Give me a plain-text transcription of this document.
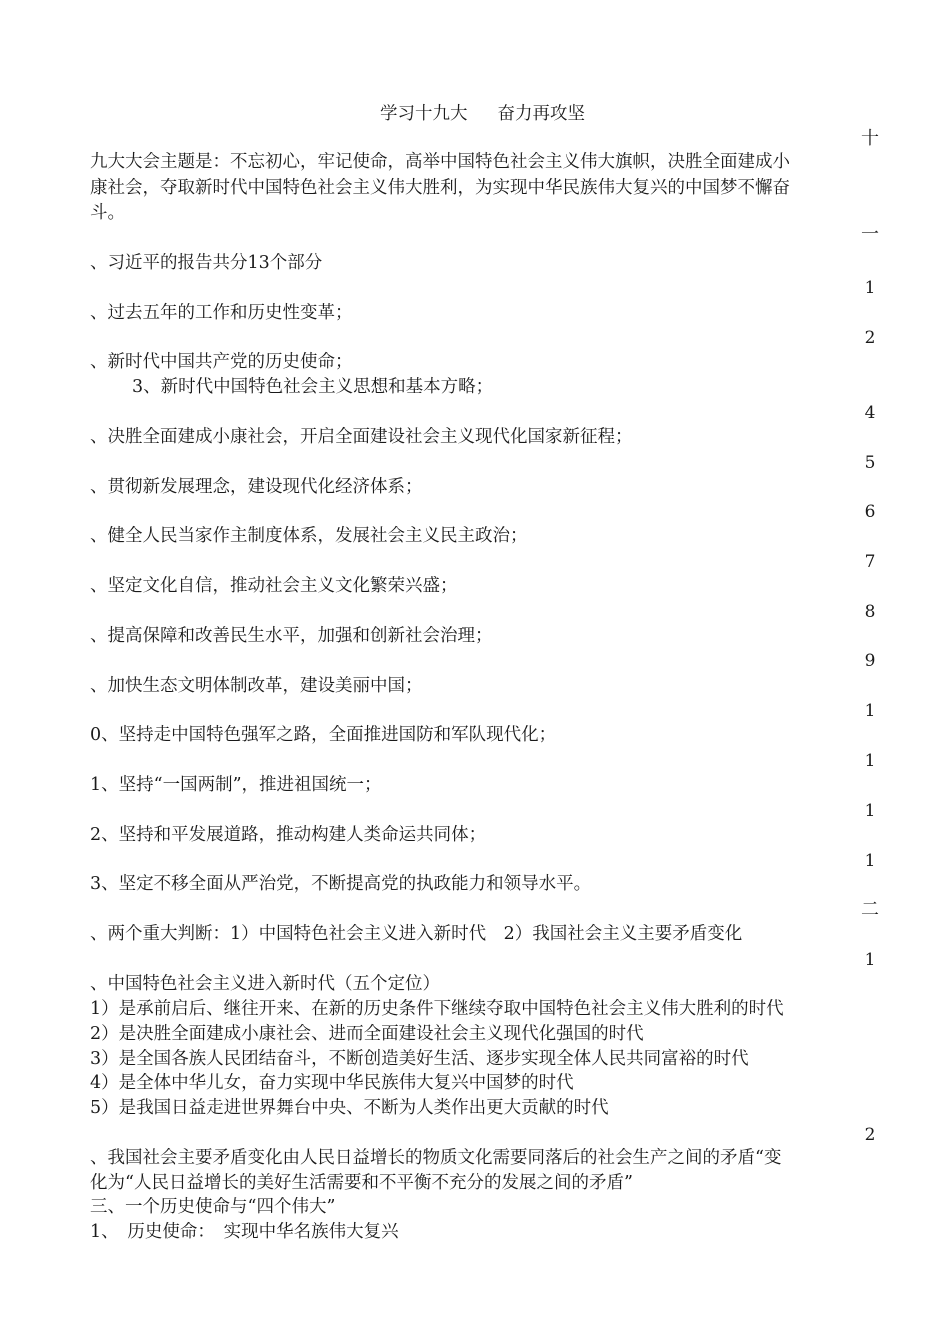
学习十九大 奋力再攻坚
十
一
1
2
4
5
6
7
8
9
1
1
1
1
二
1
2
九大大会主题是：不忘初心，牢记使命，高举中国特色社会主义伟大旗帜，决胜全面建成小
康社会，夺取新时代中国特色社会主义伟大胜利，为实现中华民族伟大复兴的中国梦不懈奋
斗。
、习近平的报告共分13个部分
、过去五年的工作和历史性变革；
、新时代中国共产党的历史使命；
3、新时代中国特色社会主义思想和基本方略；
、决胜全面建成小康社会，开启全面建设社会主义现代化国家新征程；
、贯彻新发展理念，建设现代化经济体系；
、健全人民当家作主制度体系，发展社会主义民主政治；
、坚定文化自信，推动社会主义文化繁荣兴盛；
、提高保障和改善民生水平，加强和创新社会治理；
、加快生态文明体制改革，建设美丽中国；
0、坚持走中国特色强军之路，全面推进国防和军队现代化；
1、坚持“一国两制”，推进祖国统一；
2、坚持和平发展道路，推动构建人类命运共同体；
3、坚定不移全面从严治党，不断提高党的执政能力和领导水平。
、两个重大判断：1）中国特色社会主义进入新时代　2）我国社会主义主要矛盾变化
、中国特色社会主义进入新时代（五个定位）
1）是承前启后、继往开来、在新的历史条件下继续夺取中国特色社会主义伟大胜利的时代
2）是决胜全面建成小康社会、进而全面建设社会主义现代化强国的时代
3）是全国各族人民团结奋斗，不断创造美好生活、逐步实现全体人民共同富裕的时代
4）是全体中华儿女，奋力实现中华民族伟大复兴中国梦的时代
5）是我国日益走进世界舞台中央、不断为人类作出更大贡献的时代
、我国社会主要矛盾变化由人民日益增长的物质文化需要同落后的社会生产之间的矛盾“变
化为“人民日益增长的美好生活需要和不平衡不充分的发展之间的矛盾”
三、一个历史使命与“四个伟大”
1、　历史使命：　实现中华名族伟大复兴
